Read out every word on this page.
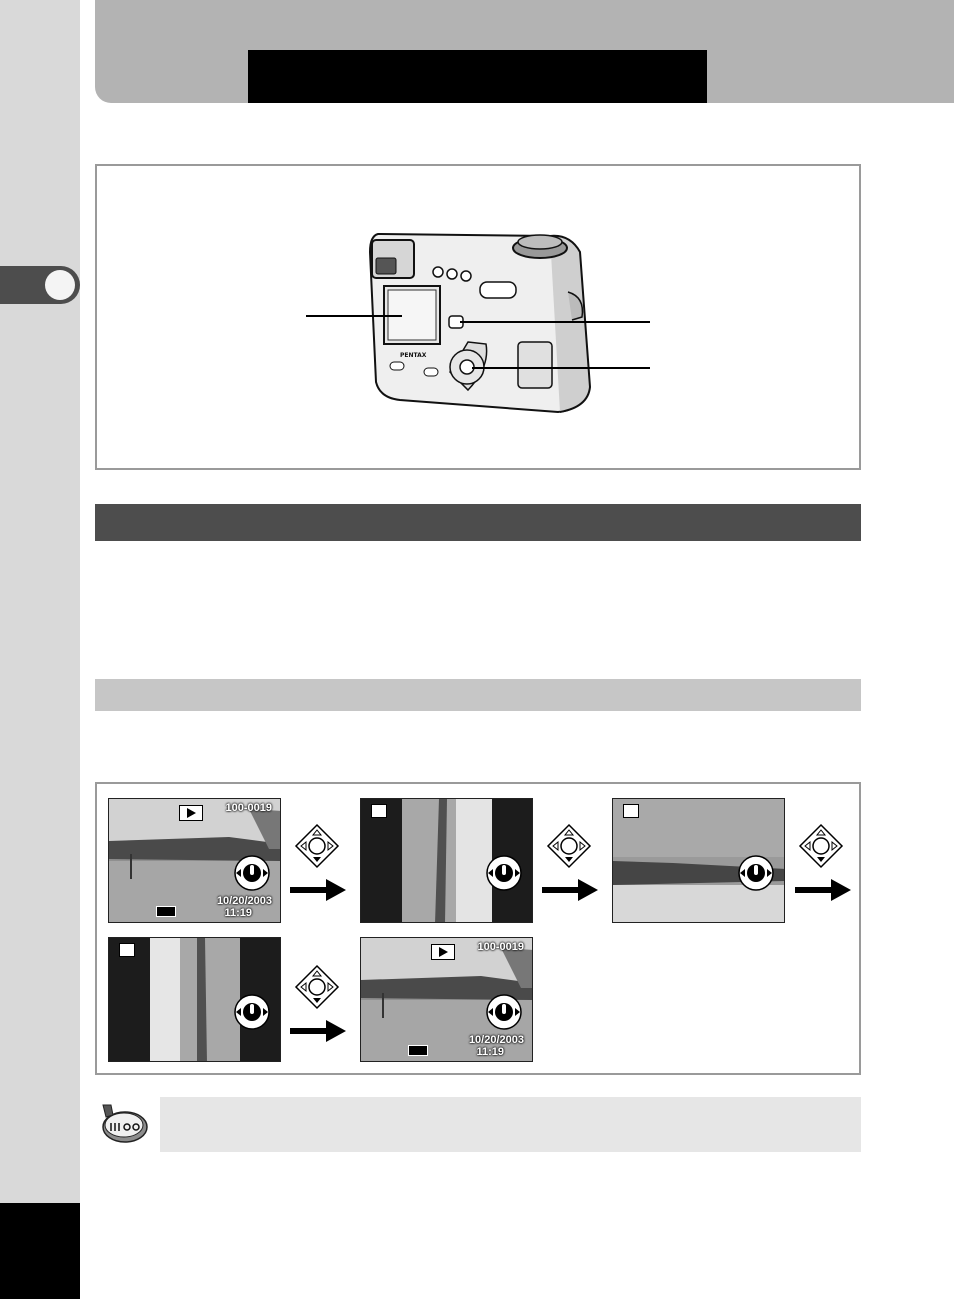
PENTAX
100-0019
10/20/2003
11:19
100-0019
10/20/2003
11:19
